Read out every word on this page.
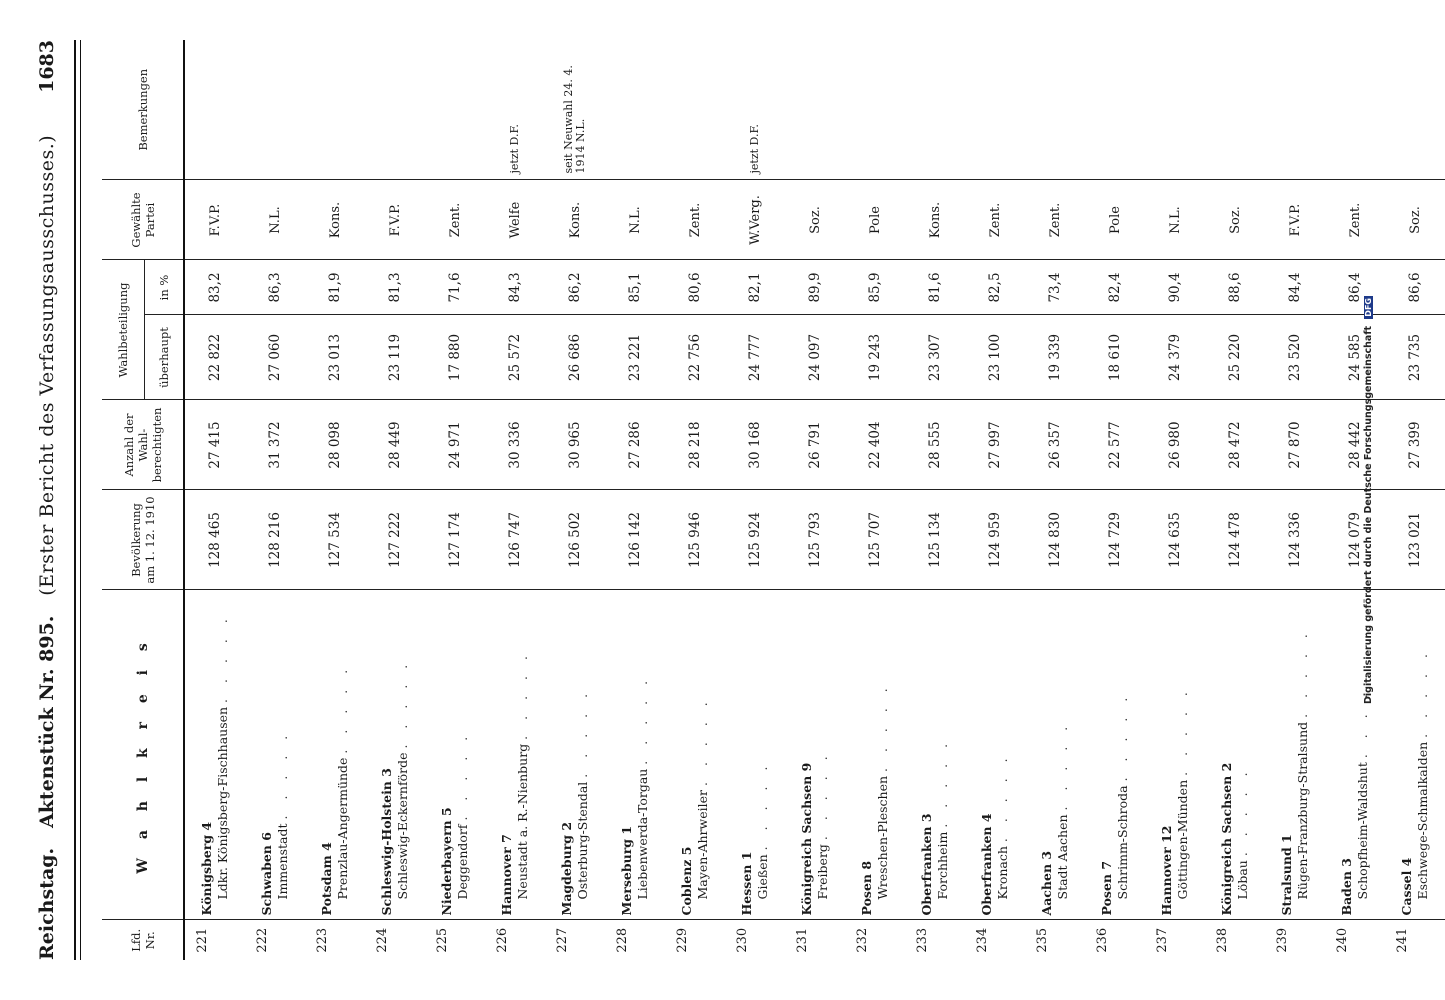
Reichstag.   Aktenstück Nr. 895.   (Erster Bericht des Verfassungsausschusses.)
1683
Lfd. Nr.	W a h l k r e i s	Bevölkerung am 1. 12. 1910	Anzahl der Wahl-berechtigten	Wahlbeteiligung		Gewählte Partei	Bemerkungen
				überhaupt	in %		
221	Königsberg 4 Ldkr. Königsberg-Fischhausen . . . . .	128 465	27 415	22 822	83,2	F.V.P.	
222	Schwaben 6 Immenstadt . . . . .	128 216	31 372	27 060	86,3	N.L.	
223	Potsdam 4 Prenzlau-Angermünde . . . . .	127 534	28 098	23 013	81,9	Kons.	
224	Schleswig-Holstein 3 Schleswig-Eckernförde . . . . .	127 222	28 449	23 119	81,3	F.V.P.	
225	Niederbayern 5 Deggendorf . . . . .	127 174	24 971	17 880	71,6	Zent.	
226	Hannover 7 Neustadt a. R.-Nienburg . . . . .	126 747	30 336	25 572	84,3	Welfe	jetzt D.F.
227	Magdeburg 2 Osterburg-Stendal . . . . .	126 502	30 965	26 686	86,2	Kons.	seit Neuwahl 24. 4. 1914 N.L.
228	Merseburg 1 Liebenwerda-Torgau . . . . .	126 142	27 286	23 221	85,1	N.L.	
229	Coblenz 5 Mayen-Ahrweiler . . . . .	125 946	28 218	22 756	80,6	Zent.	
230	Hessen 1 Gießen . . . . .	125 924	30 168	24 777	82,1	W.Verg.	jetzt D.F.
231	Königreich Sachsen 9 Freiberg . . . . .	125 793	26 791	24 097	89,9	Soz.	
232	Posen 8 Wreschen-Pleschen . . . . .	125 707	22 404	19 243	85,9	Pole	
233	Oberfranken 3 Forchheim . . . . .	125 134	28 555	23 307	81,6	Kons.	
234	Oberfranken 4 Kronach . . . . .	124 959	27 997	23 100	82,5	Zent.	
235	Aachen 3 Stadt Aachen . . . . .	124 830	26 357	19 339	73,4	Zent.	
236	Posen 7 Schrimm-Schroda . . . . .	124 729	22 577	18 610	82,4	Pole	
237	Hannover 12 Göttingen-Münden . . . . .	124 635	26 980	24 379	90,4	N.L.	
238	Königreich Sachsen 2 Löbau . . . . .	124 478	28 472	25 220	88,6	Soz.	
239	Stralsund 1 Rügen-Franzburg-Stralsund . . . . .	124 336	27 870	23 520	84,4	F.V.P.	
240	Baden 3 Schopfheim-Waldshut . . . . .	124 079	28 442	24 585	86,4	Zent.	
241	Cassel 4 Eschwege-Schmalkalden . . . . .	123 021	27 399	23 735	86,6	Soz.	
Digitalisierung gefördert durch die Deutsche Forschungsgemeinschaft DFG
